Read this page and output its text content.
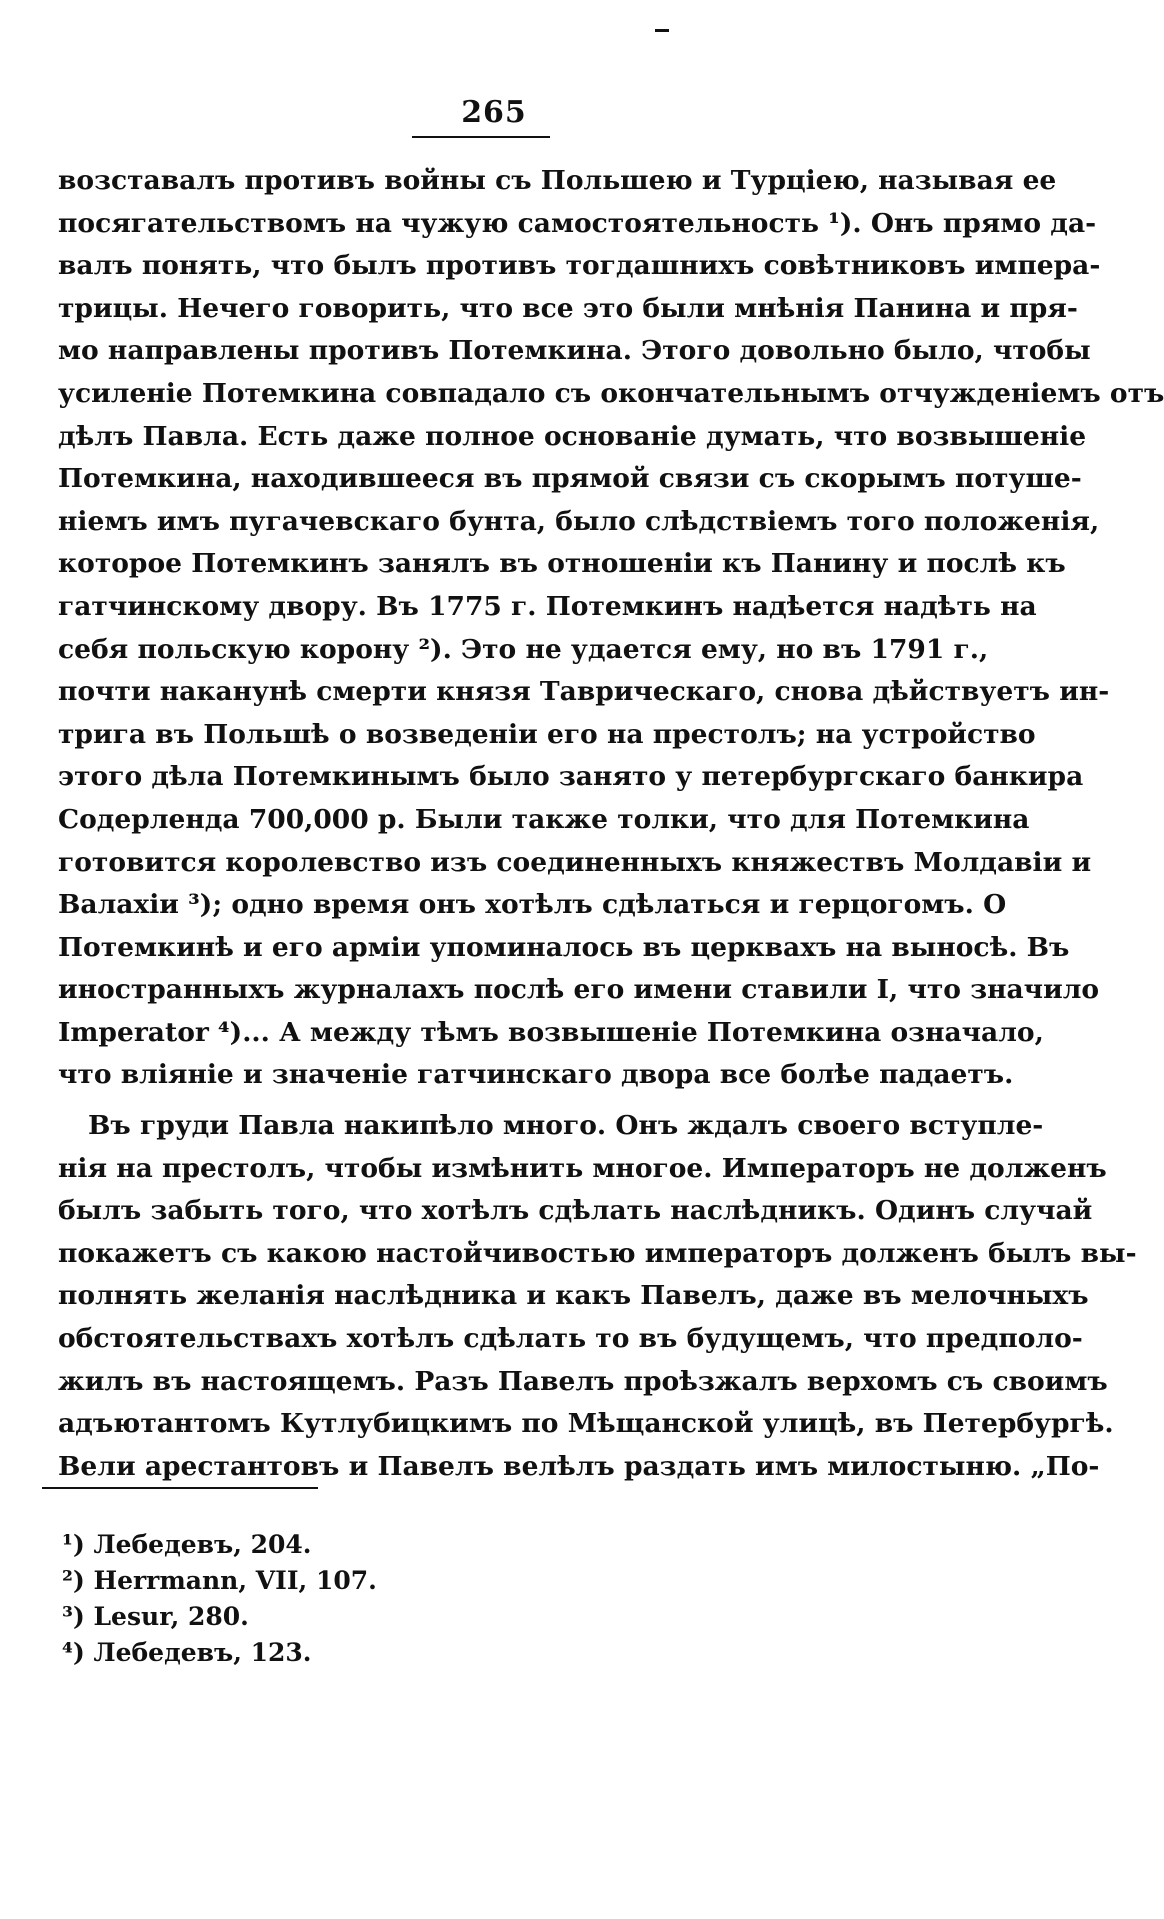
265
возставалъ противъ войны съ Польшею и Турціею, называя ее
посягательствомъ на чужую самостоятельность ¹). Онъ прямо да-
валъ понять, что былъ противъ тогдашнихъ совѣтниковъ импера-
трицы. Нечего говорить, что все это были мнѣнія Панина и пря-
мо направлены противъ Потемкина. Этого довольно было, чтобы
усиленіе Потемкина совпадало съ окончательнымъ отчужденіемъ отъ
дѣлъ Павла. Есть даже полное основаніе думать, что возвышеніе
Потемкина, находившееся въ прямой связи съ скорымъ потуше-
ніемъ имъ пугачевскаго бунта, было слѣдствіемъ того положенія,
которое Потемкинъ занялъ въ отношеніи къ Панину и послѣ къ
гатчинскому двору. Въ 1775 г. Потемкинъ надѣется надѣть на
себя польскую корону ²). Это не удается ему, но въ 1791 г.,
почти наканунѣ смерти князя Таврическаго, снова дѣйствуетъ ин-
трига въ Польшѣ о возведеніи его на престолъ; на устройство
этого дѣла Потемкинымъ было занято у петербургскаго банкира
Содерленда 700,000 р. Были также толки, что для Потемкина
готовится королевство изъ соединенныхъ княжествъ Молдавіи и
Валахіи ³); одно время онъ хотѣлъ сдѣлаться и герцогомъ. О
Потемкинѣ и его арміи упоминалось въ церквахъ на выносѣ. Въ
иностранныхъ журналахъ послѣ его имени ставили I, что значило
Imperator ⁴)... А между тѣмъ возвышеніе Потемкина означало,
что вліяніе и значеніе гатчинскаго двора все болѣе падаетъ.
Въ груди Павла накипѣло много. Онъ ждалъ своего вступле-
нія на престолъ, чтобы измѣнить многое. Императоръ не долженъ
былъ забыть того, что хотѣлъ сдѣлать наслѣдникъ. Одинъ случай
покажетъ съ какою настойчивостью императоръ долженъ былъ вы-
полнять желанія наслѣдника и какъ Павелъ, даже въ мелочныхъ
обстоятельствахъ хотѣлъ сдѣлать то въ будущемъ, что предполо-
жилъ въ настоящемъ. Разъ Павелъ проѣзжалъ верхомъ съ своимъ
адъютантомъ Кутлубицкимъ по Мѣщанской улицѣ, въ Петербургѣ.
Вели арестантовъ и Павелъ велѣлъ раздать имъ милостыню. „По-
¹) Лебедевъ, 204.
²) Herrmann, VII, 107.
³) Lesur, 280.
⁴) Лебедевъ, 123.
